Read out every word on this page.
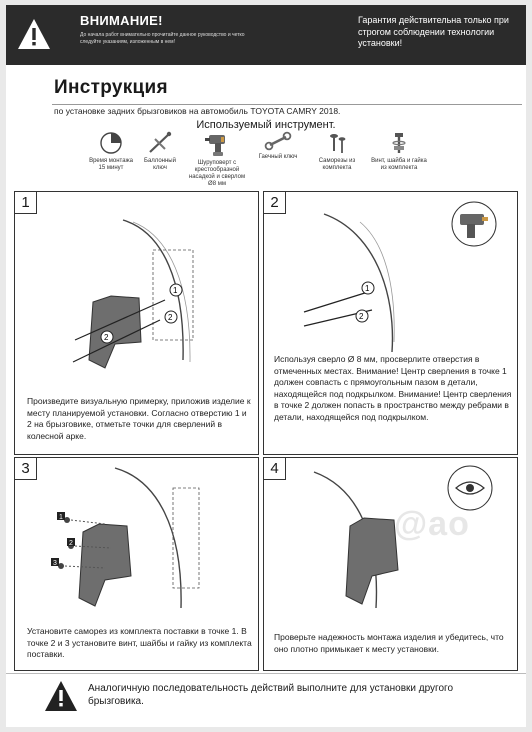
ВНИМАНИЕ!
До начала работ внимательно прочитайте данное руководство и четко следуйте указаниям, изложенным в нем!
Гарантия действительна только при строгом соблюдении технологии установки!
Инструкция
по установке задних брызговиков на автомобиль TOYOTA CAMRY 2018.
Используемый инструмент.
Время монтажа 15 минут
Баллонный ключ
Шуруповерт с крестообразной насадкой и сверлом Ø8 мм
Гаечный ключ
Саморезы из комплекта
Винт, шайба и гайка из комплекта
1
2
2
1
Произведите визуальную примерку, приложив изделие к месту планируемой установки. Согласно отверстию 1 и 2 на брызговике, отметьте точки для сверлений в колесной арке.
1
2
2
Используя сверло Ø 8 мм, просверлите отверстия в отмеченных местах. Внимание! Центр сверления в точке 1 должен совпасть с прямоугольным пазом в детали, находящейся под подкрылком. Внимание! Центр сверления в точке 2 должен попасть в пространство между ребрами в детали, находящейся под подкрылком.
1
2
3
3
Установите саморез из комплекта поставки в точке 1. В точке 2 и 3 установите винт, шайбы и гайку из комплекта поставки.
4
Проверьте надежность монтажа изделия и убедитесь, что оно плотно примыкает к месту установки.
Аналогичную последовательность действий выполните для установки другого брызговика.
@ao
